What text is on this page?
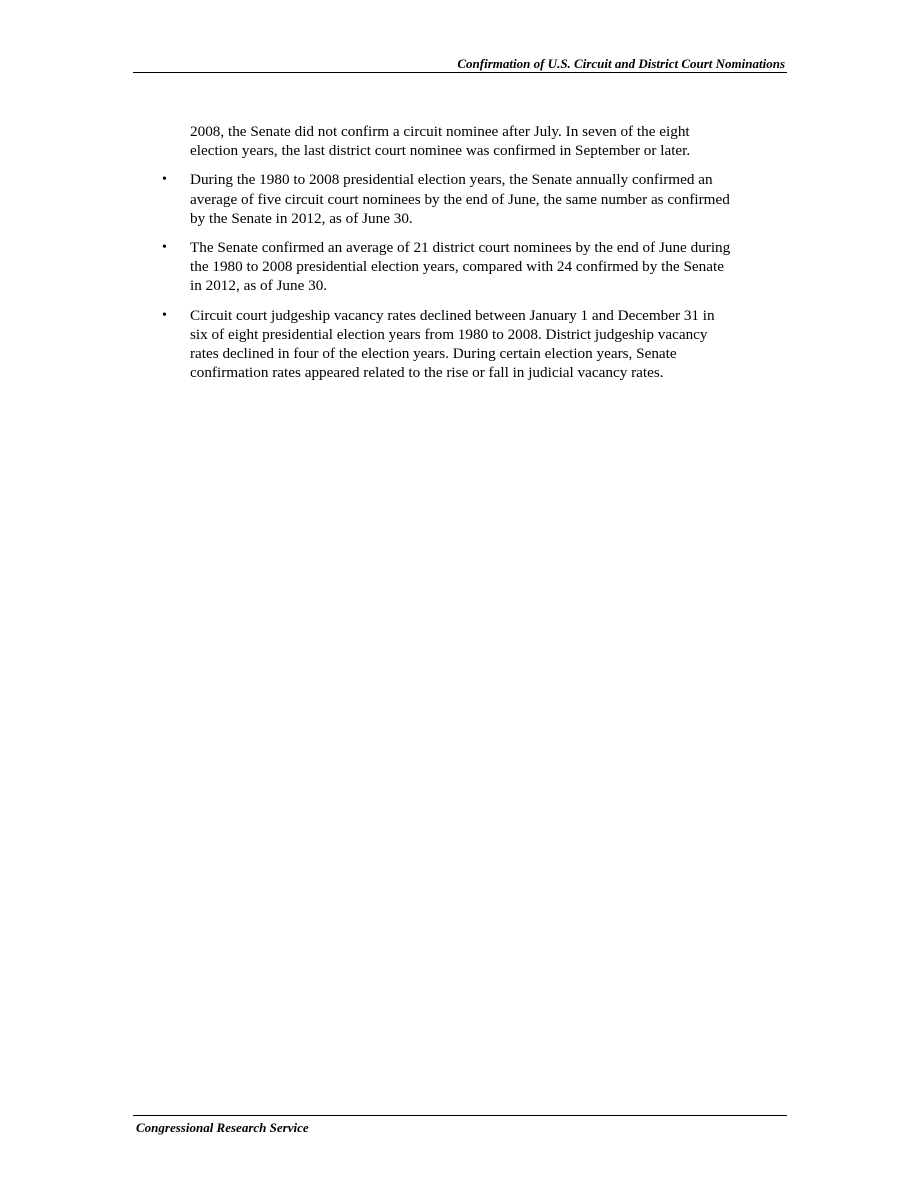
Confirmation of U.S. Circuit and District Court Nominations

2008, the Senate did not confirm a circuit nominee after July. In seven of the eight election years, the last district court nominee was confirmed in September or later.

• During the 1980 to 2008 presidential election years, the Senate annually confirmed an average of five circuit court nominees by the end of June, the same number as confirmed by the Senate in 2012, as of June 30.
• The Senate confirmed an average of 21 district court nominees by the end of June during the 1980 to 2008 presidential election years, compared with 24 confirmed by the Senate in 2012, as of June 30.
• Circuit court judgeship vacancy rates declined between January 1 and December 31 in six of eight presidential election years from 1980 to 2008. District judgeship vacancy rates declined in four of the election years. During certain election years, Senate confirmation rates appeared related to the rise or fall in judicial vacancy rates.
Congressional Research Service
